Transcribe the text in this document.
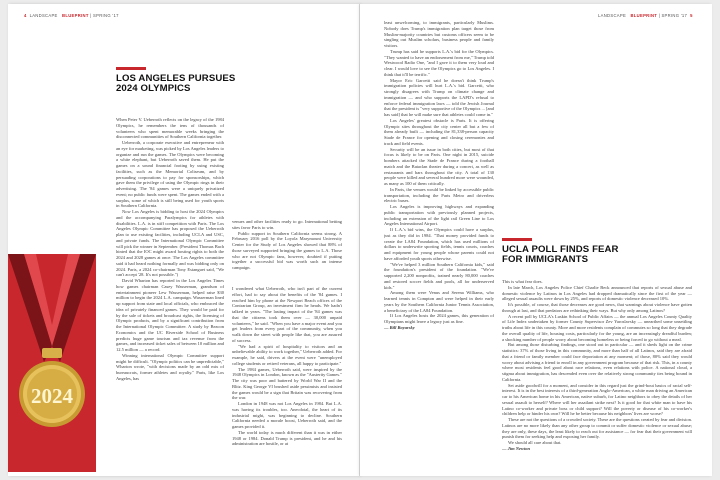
4 LANDSCAPE BLUEPRINT | SPRING '17
LOS ANGELES PURSUES 2024 OLYMPICS

When Peter V. Ueberroth reflects on the legacy of the 1984 Olympics, he remembers the tens of thousands of volunteers who spent memorable weeks bringing the disconnected communities of Southern California together.

Ueberroth, a corporate executive and entrepreneur with an eye for marketing, was picked by Los Angeles leaders to organize and run the games. The Olympics were becoming a white elephant, but Ueberroth saved them. He put the games on a sound financial footing by using existing facilities, such as the Memorial Coliseum, and by persuading corporations to pay for sponsorships, which gave them the privilege of using the Olympic rings in their advertising. The '84 games were a uniquely privatized event; no public funds were spent. The games ended with a surplus, some of which is still being used for youth sports in Southern California.

Now Los Angeles is bidding to host the 2024 Olympics and the accompanying Paralympics for athletes with disabilities. L.A. is in stiff competition with Paris. The Los Angeles Olympic Committee has proposed the Ueberroth plan to use existing facilities, including UCLA and USC, and private funds. The International Olympic Committee will pick the winner in September. (President Thomas Bach hinted that the IOC might award hosting rights to both the 2024 and 2028 games at once. The Los Angeles committee said it had heard nothing formally and was bidding only on 2024. Paris, a 2024 co-chairman Tony Estanguet said, "We can't accept '28. It's not possible.")

David Wharton has reported in the Los Angeles Times how games chairman Casey Wasserman, grandson of entertainment pioneer Lew Wasserman, helped raise $30 million to begin the 2024 L.A. campaign. Wasserman lined up support from state and local officials, who embraced the idea of privately financed games. They would be paid for by the sale of tickets and broadcast rights, the licensing of Olympic products, and by a significant contribution from the International Olympic Committee. A study by Beacon Economics and the UC Riverside School of Business predicts huge game tourism and tax revenue from the games, and increased ticket sales of between 10 million and 12.5 million — a record.

Winning international Olympic Committee support might be difficult. "Olympic politics can be unpredictable," Wharton wrote, "with decisions made by an odd mix of bureaucrats, former athletes and royalty." Paris, like Los Angeles, has

venues and other facilities ready to go. International betting sites favor Paris to win.

Public support in Southern California seems strong. A February 2016 poll by the Loyola Marymount University Center for the Study of Los Angeles showed that 88% of those surveyed supported bringing the games to L.A. Those who are not Olympic fans, however, doubted if putting together a successful bid was worth such an intense campaign.

I wondered what Ueberroth, who isn't part of the current effort, had to say about the benefits of the '84 games. I reached him by phone at the Newport Beach offices of the Contrarian Group, an investment firm he heads. We hadn't talked in years. "The lasting impact of the '84 games was that the citizens took them over — 30,000 unpaid volunteers," he said. "When you have a major event and you get leaders from every part of the community, when you walk down the street with people like that, you are assured of success.

"We had a spirit of hospitality to visitors and an unbelievable ability to work together," Ueberroth added. For example, he said, drivers at the event were "unemployed college students or retired veterans, all happy to participate."

The 1984 games, Ueberroth said, were inspired by the 1948 Olympics in London, known as the "Austerity Games." The city was poor and battered by World War II and the Blitz. King George VI brushed aside pessimists and insisted the games would be a sign that Britain was recovering from the war.

London in 1948 was not Los Angeles in 1984. But L.A. was having its troubles, too. Anecdotal, the heart of its industrial might, was beginning to decline. Southern California needed a morale boost, Ueberroth said, and the games provided it.

The world today is much different than it was in either 1948 or 1984. Donald Trump is president, and he and his administration are hostile, or at

2024
LANDSCAPE BLUEPRINT | SPRING '17 5

least unwelcoming, to immigrants, particularly Muslims. Nobody does Trump's immigration plan target those from Muslim-majority countries but customs officers seem to be singling out Muslim scholars, business people and family visitors.

Trump has said he supports L.A.'s bid for the Olympics. "They wanted to have an endorsement from me," Trump told Westwood Radio One, "and I gave it to them very loud and clear. I would love to see the Olympics go to Los Angeles. I think that it'll be terrific."

Mayor Eric Garcetti said he doesn't think Trump's immigration policies will hurt L.A.'s bid. Garcetti, who strongly disagrees with Trump on climate change and immigration — and who supports the LAPD's refusal to enforce federal immigration laws — told the Jewish Journal that the president is "very supportive of the Olympics ... [and has said] that he will make sure that athletes could come in."

Los Angeles' greatest obstacle is Paris. It is offering Olympic sites throughout the city center all but a few of them already built — including the 81,338-person capacity Stade de France for opening and closing ceremonies and track and field events.

Security will be an issue in both cities, but most of that focus is likely to be on Paris. One night in 2015, suicide bombers attacked the Stade de France during a football match and the Bataclan theater during a concert, as well as restaurants and bars throughout the city. A total of 130 people were killed and several hundred more were wounded, as many as 100 of them critically.

In Paris, the venues would be linked by accessible public transportation, including the Paris Metro and driverless electric buses.

Los Angeles is improving highways and expanding public transportation with previously planned projects, including an extension of the light rail Green Line to Los Angeles International Airport.

If L.A.'s bid wins, the Olympics could have a surplus, just as they did in 1984. "That money provided funds to create the LA84 Foundation, which has used millions of dollars to underwrite sporting fields, tennis courts, coaches and equipment for young people whose parents could not have afforded youth sports otherwise.

"We've helped 3 million Southern California kids," said the foundation's president of the foundation. "We've supported 2,200 nonprofits, trained nearly 80,000 coaches and restored soccer fields and pools, all for underserved kids."

Among them were Venus and Serena Williams, who learned tennis in Compton and were helped in their early years by the Southern California Junior Tennis Association, a beneficiary of the LA84 Foundation.

If Los Angeles hosts the 2024 games, this generation of Olympians might leave a legacy just as fine.

— Bill Boyarsky

UCLA POLL FINDS FEAR FOR IMMIGRANTS

This is what fear does.

In late March, Los Angeles Police Chief Charlie Beck announced that reports of sexual abuse and domestic violence by Latinos in Los Angeles had dropped dramatically since the first of the year — alleged sexual assaults were down by 25%, and reports of domestic violence decreased 10%.

It's possible, of course, that those decreases are good news, that warnings about violence have gotten through at last, and that predators are rethinking their ways. But why only among Latinos?

A recent poll by UCLA's Luskin School of Public Affairs — the annual Los Angeles County Quality of Life Index undertaken by former County Supervisor Zev Yaroslavsky — unearthed some unsettling truths about life in this county. More and more residents complain of commutes so long that they degrade the overall quality of life, housing costs, particularly for the young, are an increasingly dreadful burden; a shocking number of people worry about becoming homeless or being forced to go without a meal.

But among those disturbing findings, one stood out in particular — and it sheds light on the crime statistics: 37% of those living in this community, and more than half of all Latinos, said they are afraid that a friend or family member could face deportation at any moment; of those, 80% said they would worry about advising a friend to enroll in any government program because of that risk. This, in a county where most residents feel good about race relations, even relations with police. A national cloud, a stigma about immigration, has descended even over the relatively strong community ties being bound in California.

Set aside goodwill for a moment, and consider in this regard just the grind-bout basics of racial self-interest. It is in the best interests of a third-generation Anglo-American, a white man driving an American car to his American home in his American, native suburb, for Latino neighbors to obey the details of her sexual assault to herself? Where will her assailant strike next? Is it good for that white man to have his Latino co-worker and private boss or child support? Will the poverty or disease of his co-worker's children help or hinder his own? Will he be better because his neighbors' lives are worse?

These are not the questions of a crowded society. These are the questions created by fear and division. Latinos are no more likely than any other group to commit or suffer domestic violence or sexual abuse; they are only, these days, the least likely to reach out for assistance — for fear that their government will punish them for seeking help and exposing her family.

We should all care about that.

— Jim Newton
